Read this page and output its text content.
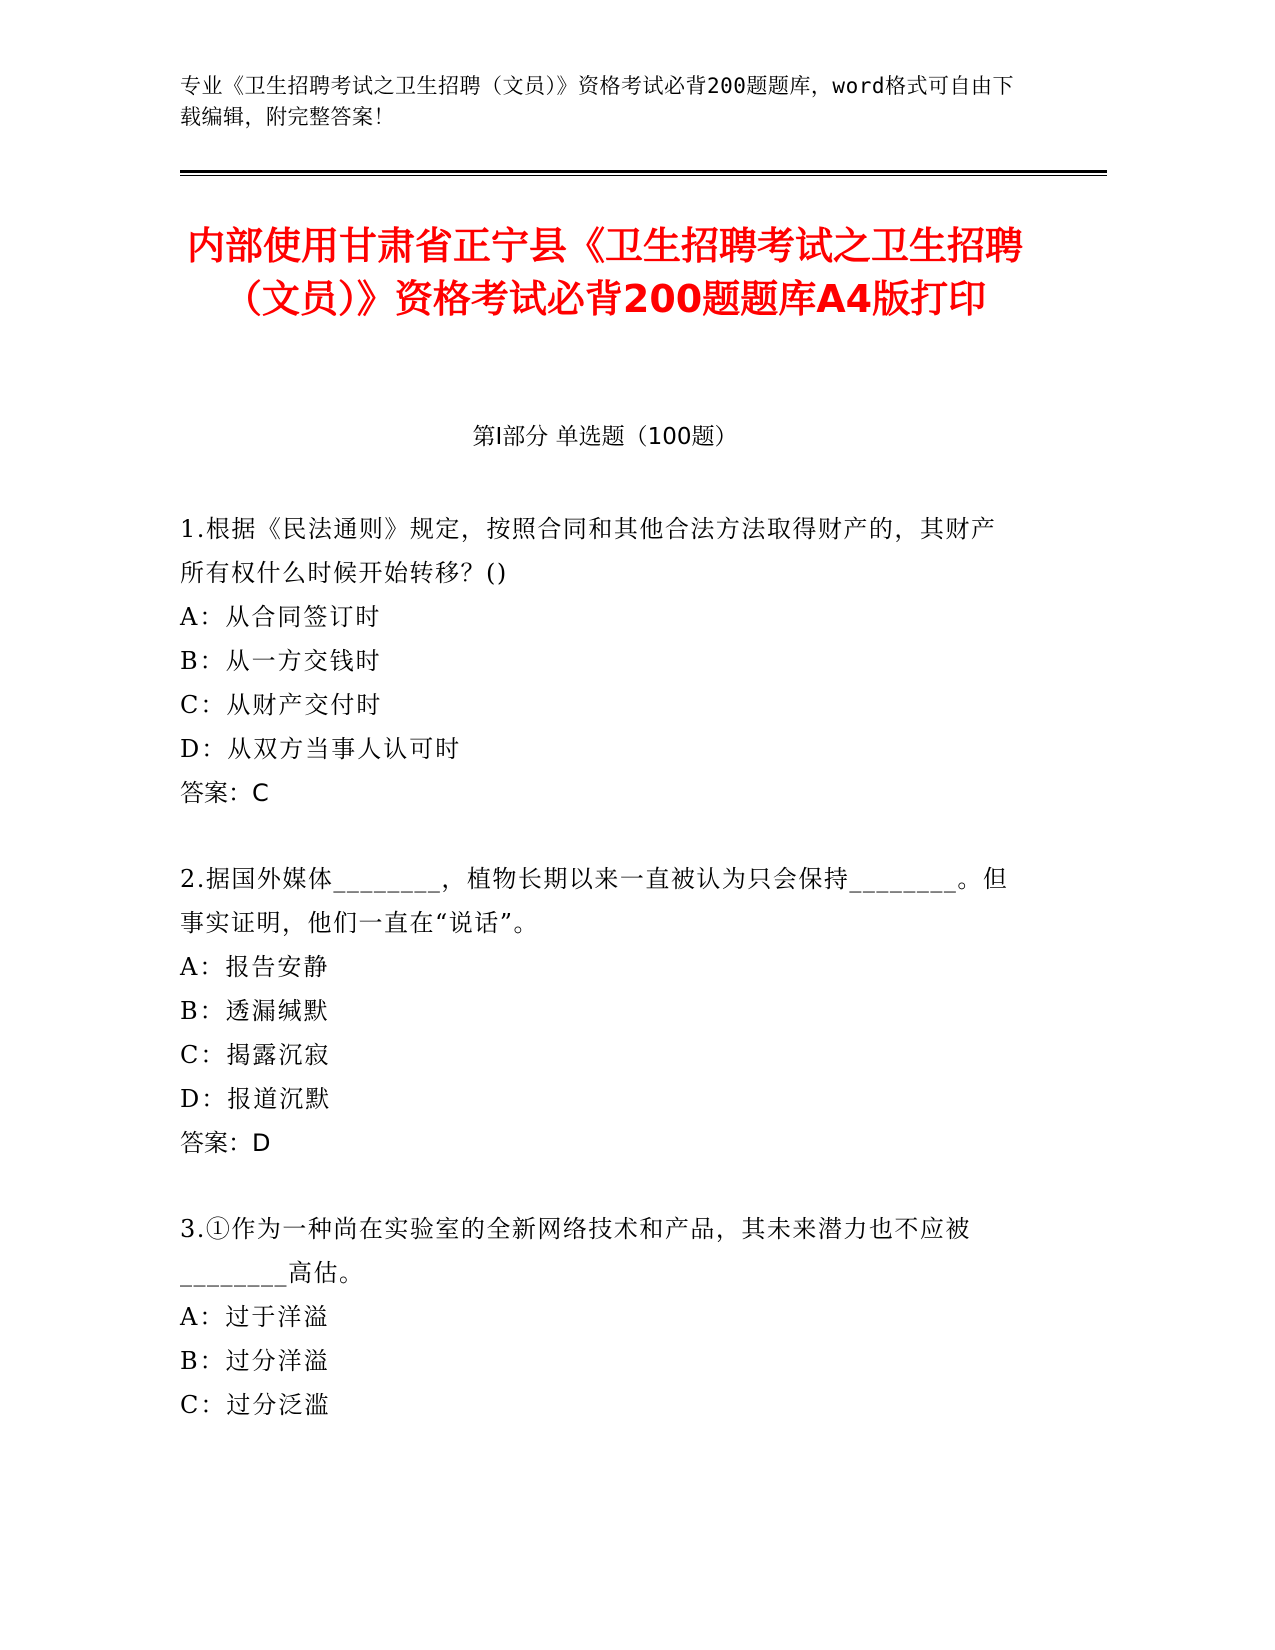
专业《卫生招聘考试之卫生招聘（文员）》资格考试必背200题题库，word格式可自由下载编辑，附完整答案！
内部使用甘肃省正宁县《卫生招聘考试之卫生招聘（文员）》资格考试必背200题题库A4版打印
第Ⅰ部分 单选题（100题）
1.根据《民法通则》规定，按照合同和其他合法方法取得财产的，其财产所有权什么时候开始转移？()
A：从合同签订时
B：从一方交钱时
C：从财产交付时
D：从双方当事人认可时
答案：C
2.据国外媒体________，植物长期以来一直被认为只会保持________。但事实证明，他们一直在“说话”。
A：报告安静
B：透漏缄默
C：揭露沉寂
D：报道沉默
答案：D
3.①作为一种尚在实验室的全新网络技术和产品，其未来潜力也不应被________高估。
A：过于洋溢
B：过分洋溢
C：过分泛滥
